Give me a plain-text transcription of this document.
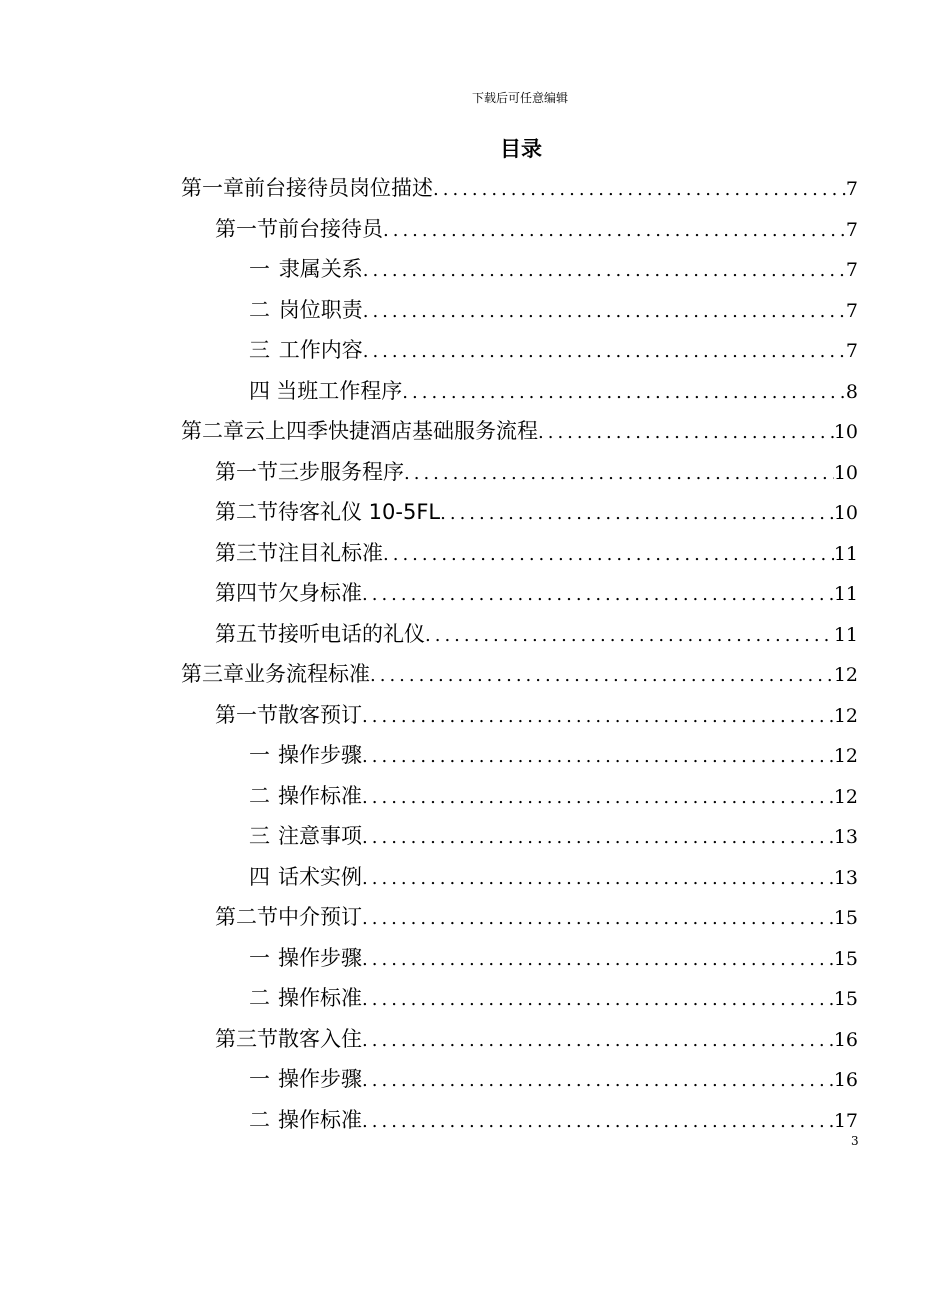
下载后可任意编辑
目录
第一章 前台接待员岗位描述 .....	7
第一节 前台接待员 .....	7
一 隶属关系 .....	7
二 岗位职责 .....	7
三 工作内容 .....	7
四 当班工作程序 .....	8
第二章 云上四季快捷酒店基础服务流程 .....	10
第一节 三步服务程序 .....	10
第二节 待客礼仪 10-5FL .....	10
第三节 注目礼标准 .....	11
第四节 欠身标准 .....	11
第五节 接听电话的礼仪 .....	11
第三章 业务流程标准 .....	12
第一节 散客预订 .....	12
一 操作步骤 .....	12
二 操作标准 .....	12
三 注意事项 .....	13
四 话术实例 .....	13
第二节 中介预订 .....	15
一 操作步骤 .....	15
二 操作标准 .....	15
第三节 散客入住 .....	16
一 操作步骤 .....	16
二 操作标准 .....	17
3
